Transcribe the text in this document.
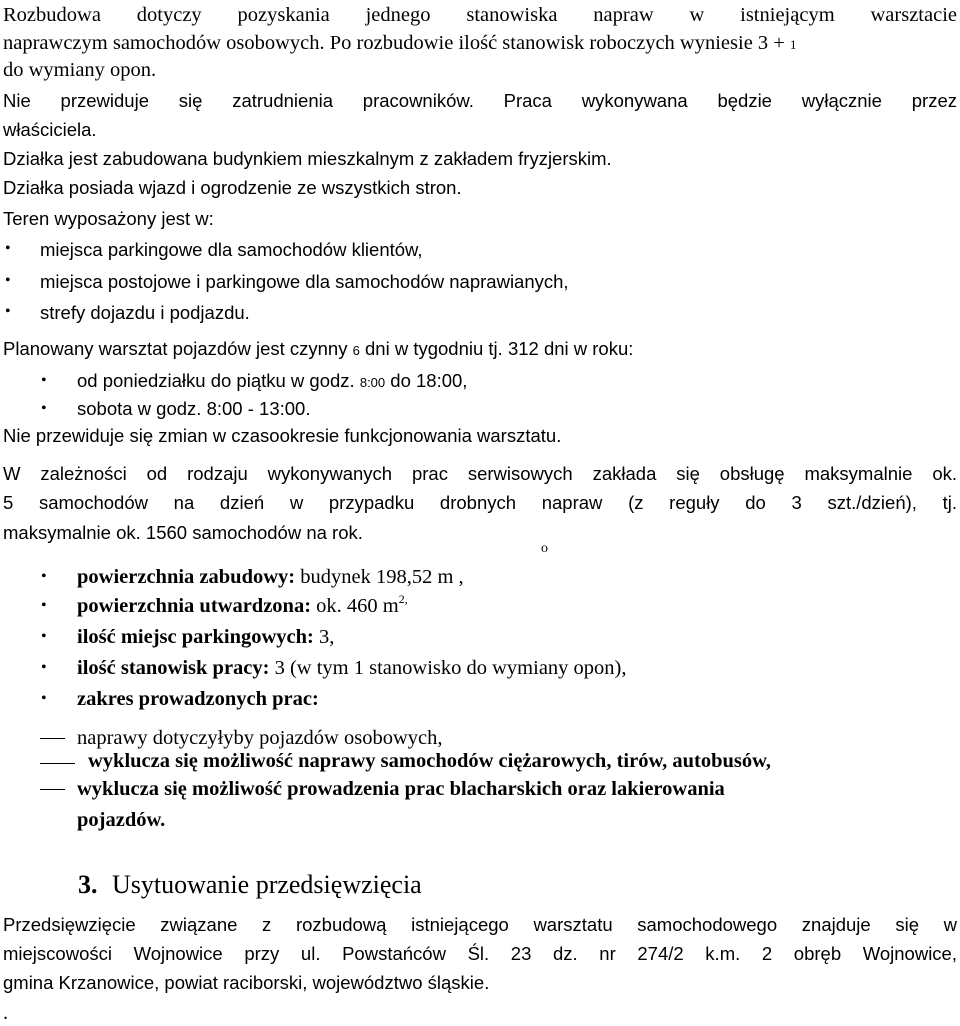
Rozbudowa dotyczy pozyskania jednego stanowiska napraw w istniejącym warsztacie
naprawczym samochodów osobowych. Po rozbudowie ilość stanowisk roboczych wyniesie 3 + 1
do wymiany opon.
Nie przewiduje się zatrudnienia pracowników. Praca wykonywana będzie wyłącznie przez
właściciela.
Działka jest zabudowana budynkiem mieszkalnym z zakładem fryzjerskim.
Działka posiada wjazd i ogrodzenie ze wszystkich stron.
Teren wyposażony jest w:
• miejsca parkingowe dla samochodów klientów,
• miejsca postojowe i parkingowe dla samochodów naprawianych,
• strefy dojazdu i podjazdu.
Planowany warsztat pojazdów jest czynny 6 dni w tygodniu tj. 312 dni w roku:
• od poniedziałku do piątku w godz. 8:00 do 18:00,
• sobota w godz. 8:00 - 13:00.
Nie przewiduje się zmian w czasookresie funkcjonowania warsztatu.
W zależności od rodzaju wykonywanych prac serwisowych zakłada się obsługę maksymalnie ok.
5 samochodów na dzień w przypadku drobnych napraw (z reguły do 3 szt./dzień), tj.
maksymalnie ok. 1560 samochodów na rok.
• powierzchnia zabudowy: budynek 198,52 m ,
o
• powierzchnia utwardzona: ok. 460 $m^{2,}$
• ilość miejsc parkingowych: 3,
• ilość stanowisk pracy: 3 (w tym 1 stanowisko do wymiany opon),
• zakres prowadzonych prac:
naprawy dotyczyłyby pojazdów osobowych,
wyklucza się możliwość naprawy samochodów ciężarowych, tirów, autobusów,
wyklucza się możliwość prowadzenia prac blacharskich oraz lakierowania
pojazdów.
3. Usytuowanie przedsięwzięcia
Przedsięwzięcie związane z rozbudową istniejącego warsztatu samochodowego znajduje się w
miejscowości Wojnowice przy ul. Powstańców Śl. 23 dz. nr 274/2 k.m. 2 obręb Wojnowice,
gmina Krzanowice, powiat raciborski, województwo śląskie.
.
